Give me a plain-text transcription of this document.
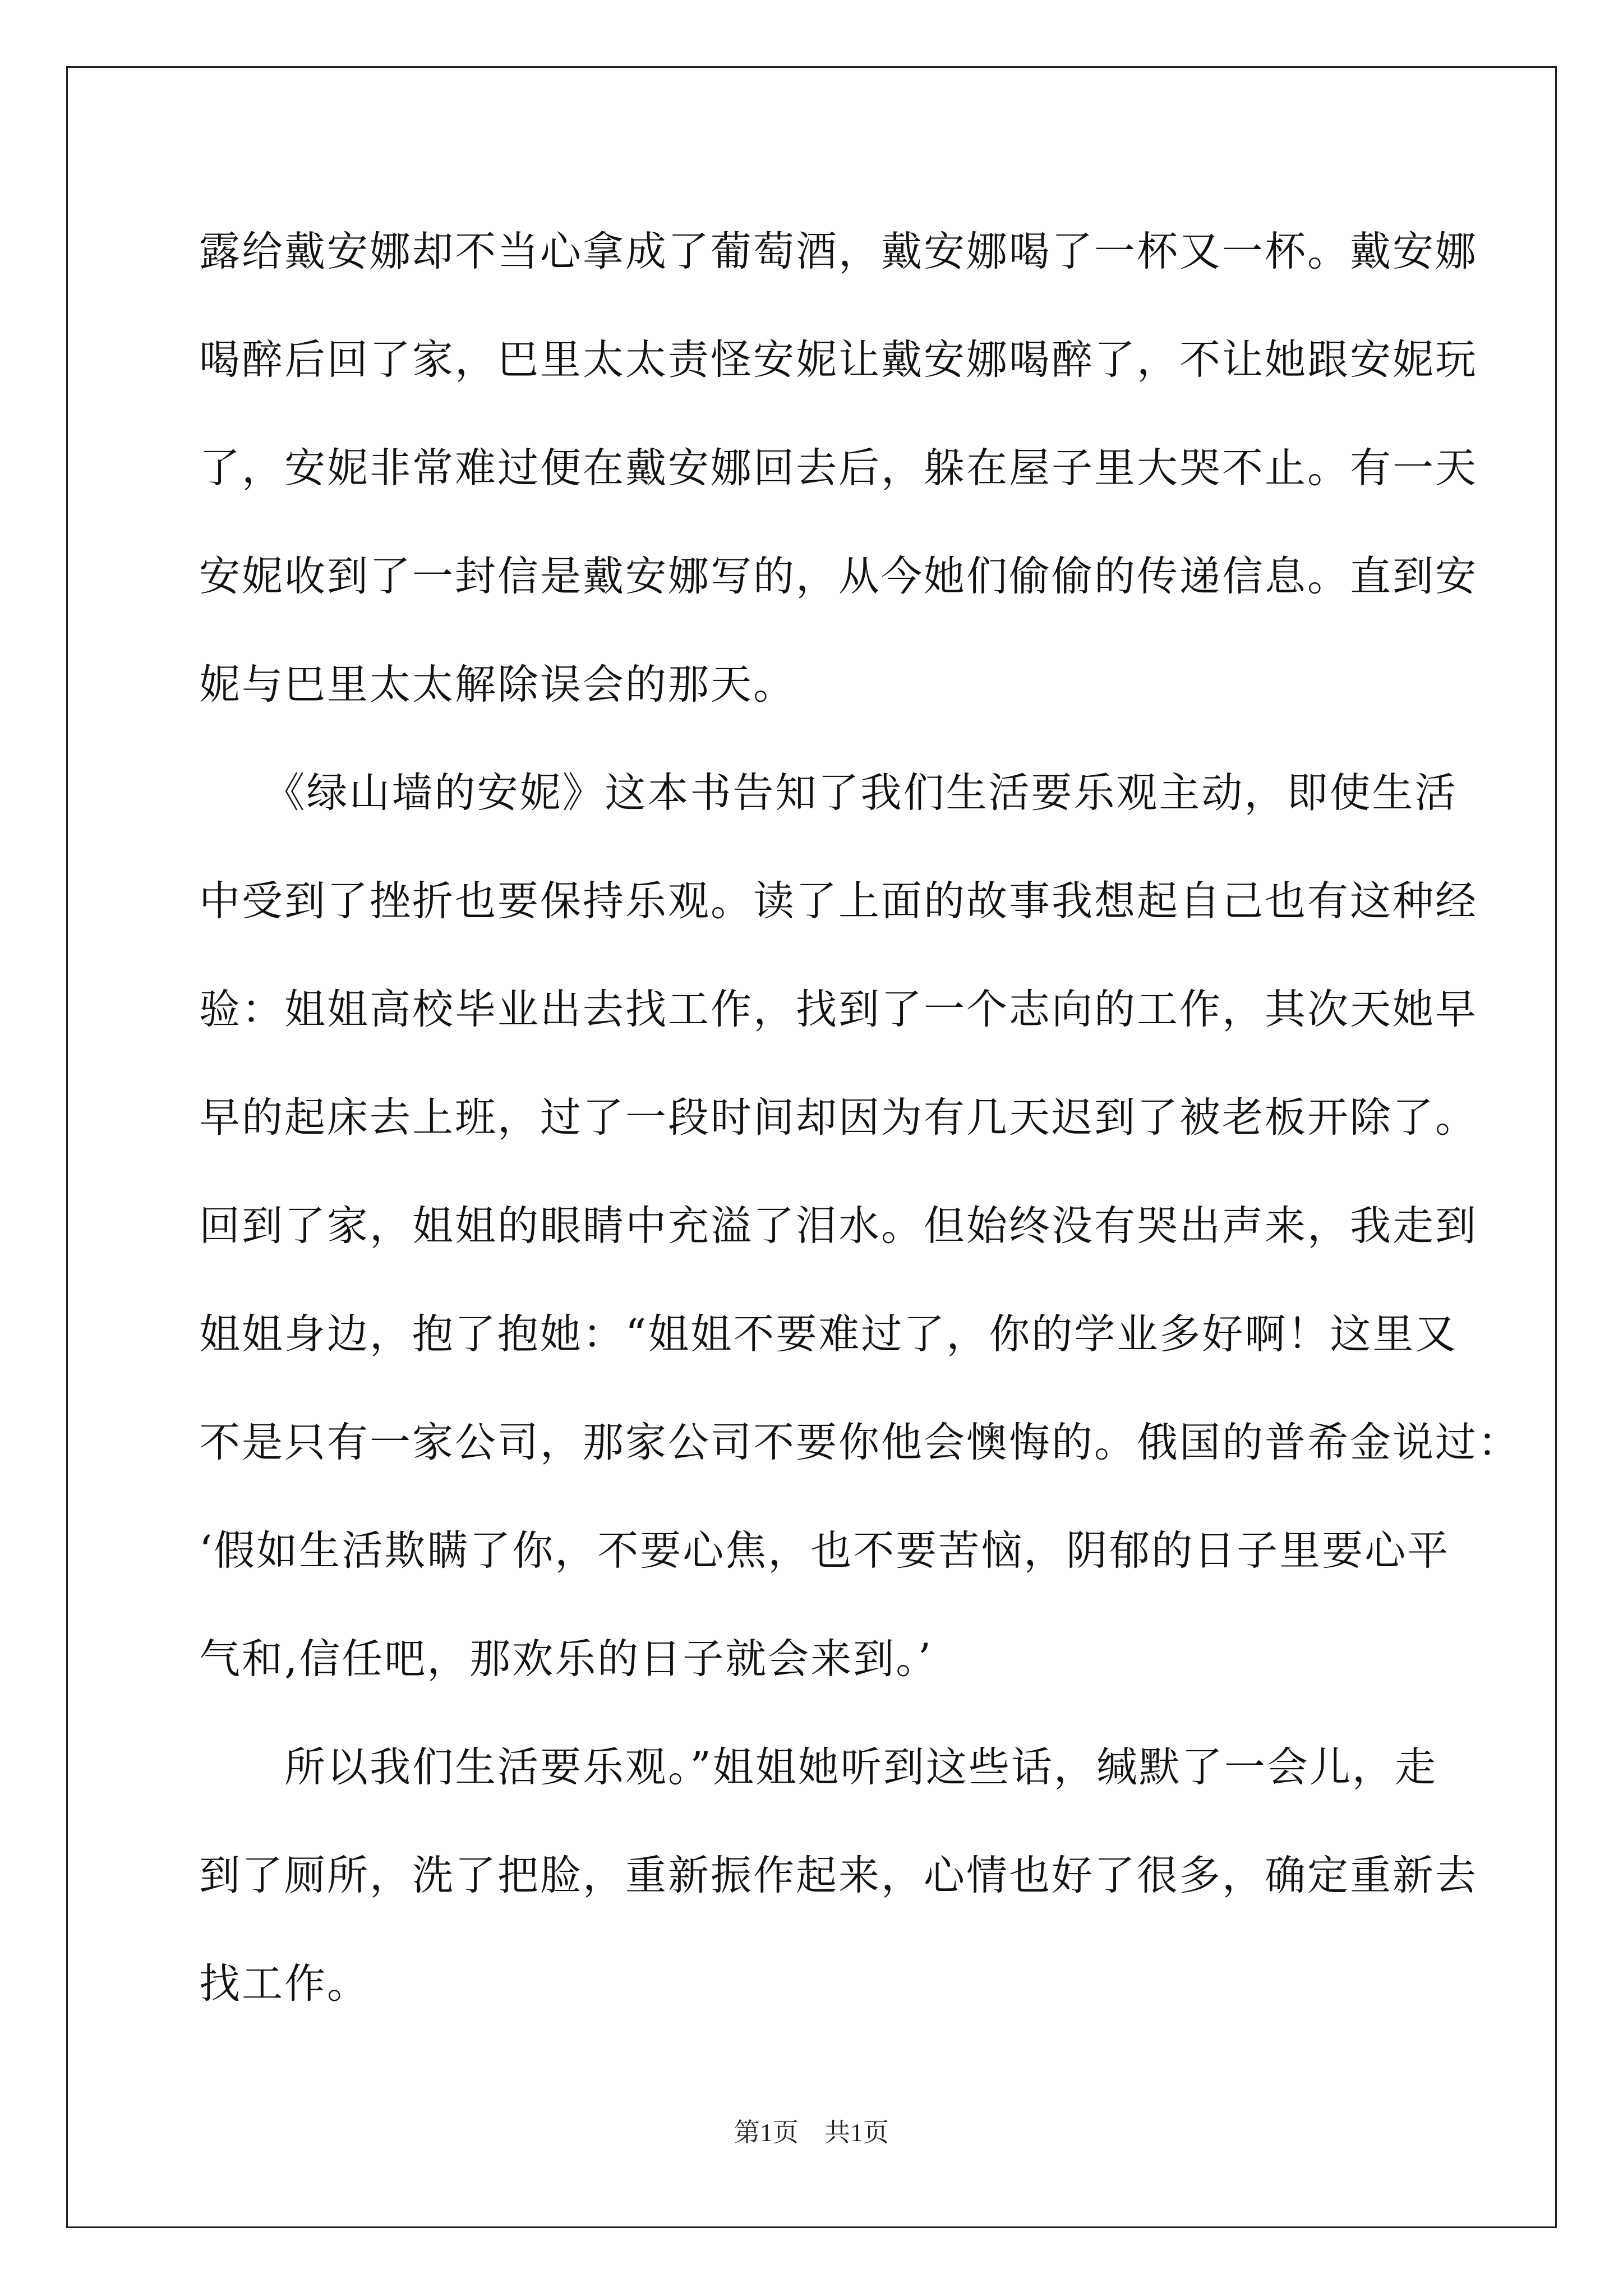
露给戴安娜却不当心拿成了葡萄酒，戴安娜喝了一杯又一杯。戴安娜
喝醉后回了家，巴里太太责怪安妮让戴安娜喝醉了，不让她跟安妮玩
了，安妮非常难过便在戴安娜回去后，躲在屋子里大哭不止。有一天
安妮收到了一封信是戴安娜写的，从今她们偷偷的传递信息。直到安
妮与巴里太太解除误会的那天。
　　《绿山墙的安妮》这本书告知了我们生活要乐观主动，即使生活
中受到了挫折也要保持乐观。读了上面的故事我想起自己也有这种经
验：姐姐高校毕业出去找工作，找到了一个志向的工作，其次天她早
早的起床去上班，过了一段时间却因为有几天迟到了被老板开除了。
回到了家，姐姐的眼睛中充溢了泪水。但始终没有哭出声来，我走到
姐姐身边，抱了抱她：“姐姐不要难过了，你的学业多好啊！这里又
不是只有一家公司，那家公司不要你他会懊悔的。俄国的普希金说过：
‘假如生活欺瞒了你，不要心焦，也不要苦恼，阴郁的日子里要心平
气和,信任吧，那欢乐的日子就会来到。’
　　所以我们生活要乐观。”姐姐她听到这些话，缄默了一会儿，走
到了厕所，洗了把脸，重新振作起来，心情也好了很多，确定重新去
找工作。
第1页　共1页
